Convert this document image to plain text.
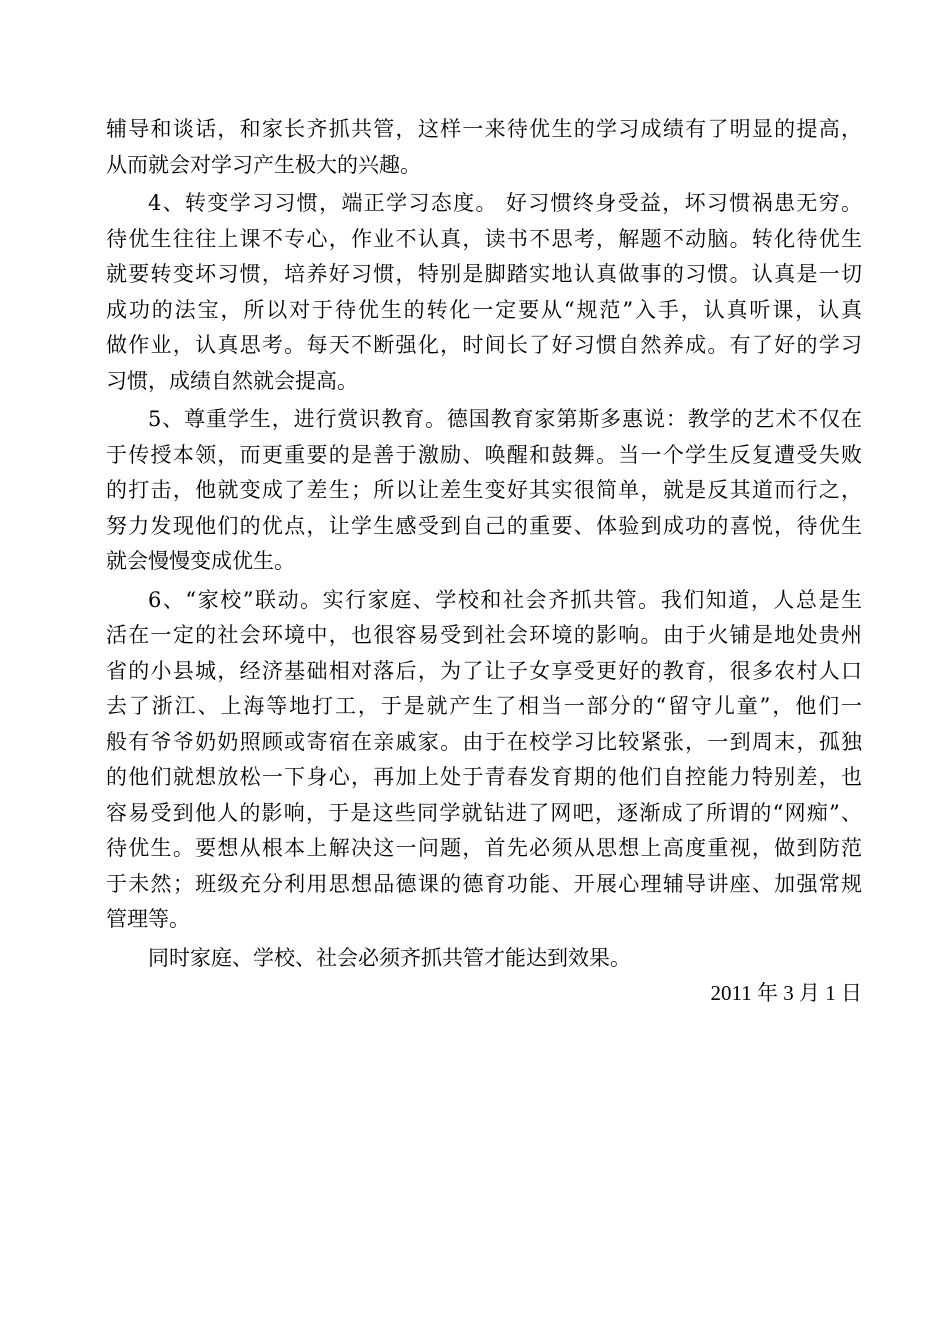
辅导和谈话，和家长齐抓共管，这样一来待优生的学习成绩有了明显的提高，
从而就会对学习产生极大的兴趣。
4、转变学习习惯，端正学习态度。 好习惯终身受益，坏习惯祸患无穷。
待优生往往上课不专心，作业不认真，读书不思考，解题不动脑。转化待优生
就要转变坏习惯，培养好习惯，特别是脚踏实地认真做事的习惯。认真是一切
成功的法宝，所以对于待优生的转化一定要从“规范”入手，认真听课，认真
做作业，认真思考。每天不断强化，时间长了好习惯自然养成。有了好的学习
习惯，成绩自然就会提高。
5、尊重学生，进行赏识教育。德国教育家第斯多惠说：教学的艺术不仅在
于传授本领，而更重要的是善于激励、唤醒和鼓舞。当一个学生反复遭受失败
的打击，他就变成了差生；所以让差生变好其实很简单，就是反其道而行之，
努力发现他们的优点，让学生感受到自己的重要、体验到成功的喜悦，待优生
就会慢慢变成优生。
6、“家校”联动。实行家庭、学校和社会齐抓共管。我们知道，人总是生
活在一定的社会环境中，也很容易受到社会环境的影响。由于火铺是地处贵州
省的小县城，经济基础相对落后，为了让子女享受更好的教育，很多农村人口
去了浙江、上海等地打工，于是就产生了相当一部分的“留守儿童”，他们一
般有爷爷奶奶照顾或寄宿在亲戚家。由于在校学习比较紧张，一到周末，孤独
的他们就想放松一下身心，再加上处于青春发育期的他们自控能力特别差，也
容易受到他人的影响，于是这些同学就钻进了网吧，逐渐成了所谓的“网痴”、
待优生。要想从根本上解决这一问题，首先必须从思想上高度重视，做到防范
于未然；班级充分利用思想品德课的德育功能、开展心理辅导讲座、加强常规
管理等。
同时家庭、学校、社会必须齐抓共管才能达到效果。
2011 年 3 月 1 日
